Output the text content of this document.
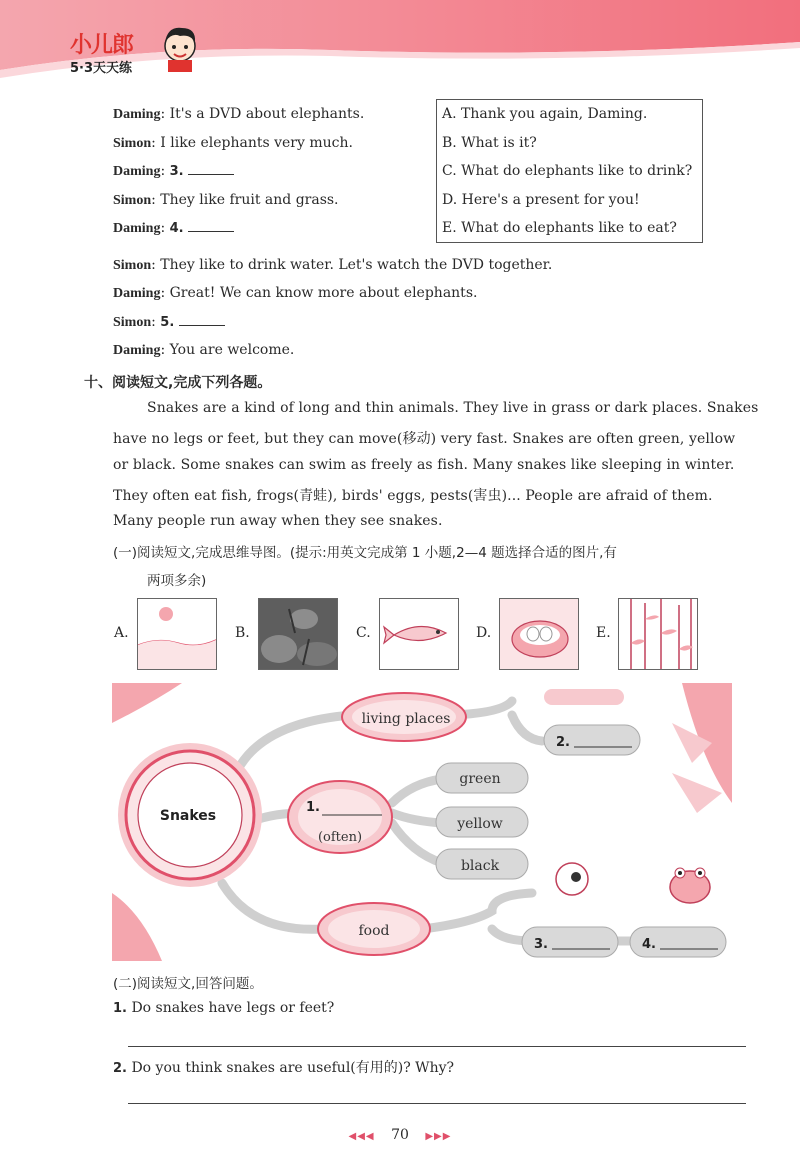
小儿郎
5·3天天练
Daming: It's a DVD about elephants.
Simon: I like elephants very much.
Daming: 3.
Simon: They like fruit and grass.
Daming: 4.
Simon: They like to drink water. Let's watch the DVD together.
Daming: Great! We can know more about elephants.
Simon: 5.
Daming: You are welcome.
A. Thank you again, Daming.
B. What is it?
C. What do elephants like to drink?
D. Here's a present for you!
E. What do elephants like to eat?
十、阅读短文,完成下列各题。
Snakes are a kind of long and thin animals. They live in grass or dark places. Snakes
have no legs or feet, but they can move(移动) very fast. Snakes are often green, yellow
or black. Some snakes can swim as freely as fish. Many snakes like sleeping in winter.
They often eat fish, frogs(青蛙), birds' eggs, pests(害虫)... People are afraid of them.
Many people run away when they see snakes.
(一)阅读短文,完成思维导图。(提示:用英文完成第 1 小题,2—4 题选择合适的图片,有
两项多余)
A.	B.	C.	D.	E.
Snakes
living places
2.
1.
(often)
green
yellow
black
food
3.	4.
(二)阅读短文,回答问题。
1. Do snakes have legs or feet?
2. Do you think snakes are useful(有用的)? Why?
◀◀◀ 70 ▶▶▶
